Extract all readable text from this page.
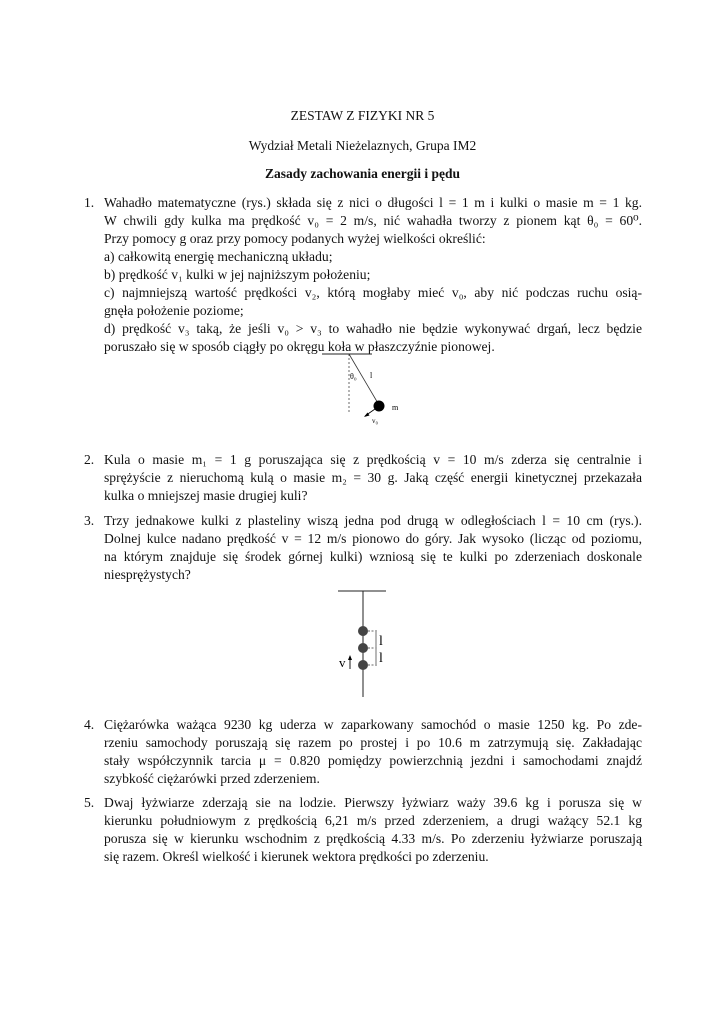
ZESTAW Z FIZYKI NR 5
Wydział Metali Nieżelaznych, Grupa IM2
Zasady zachowania energii i pędu
1. Wahadło matematyczne (rys.) składa się z nici o długości l = 1 m i kulki o masie m = 1 kg.
W chwili gdy kulka ma prędkość v₀ = 2 m/s, nić wahadła tworzy z pionem kąt θ₀ = 60⁰.
Przy pomocy g oraz przy pomocy podanych wyżej wielkości określić:
a) całkowitą energię mechaniczną układu;
b) prędkość v₁ kulki w jej najniższym położeniu;
c) najmniejszą wartość prędkości v₂, którą mogłaby mieć v₀, aby nić podczas ruchu osią-
gnęła położenie poziome;
d) prędkość v₃ taką, że jeśli v₀ > v₃ to wahadło nie będzie wykonywać drgań, lecz będzie
poruszało się w sposób ciągły po okręgu koła w płaszczyźnie pionowej.
θ₀ l
m
v₀
2. Kula o masie m₁ = 1 g poruszająca się z prędkością v = 10 m/s zderza się centralnie i
sprężyście z nieruchomą kulą o masie m₂ = 30 g. Jaką część energii kinetycznej przekazała
kulka o mniejszej masie drugiej kuli?
3. Trzy jednakowe kulki z plasteliny wiszą jedna pod drugą w odległościach l = 10 cm (rys.).
Dolnej kulce nadano prędkość v = 12 m/s pionowo do góry. Jak wysoko (licząc od poziomu,
na którym znajduje się środek górnej kulki) wzniosą się te kulki po zderzeniach doskonale
niesprężystych?
l
l
v
4. Ciężarówka ważąca 9230 kg uderza w zaparkowany samochód o masie 1250 kg. Po zde-
rzeniu samochody poruszają się razem po prostej i po 10.6 m zatrzymują się. Zakładając
stały współczynnik tarcia μ = 0.820 pomiędzy powierzchnią jezdni i samochodami znajdź
szybkość ciężarówki przed zderzeniem.
5. Dwaj łyżwiarze zderzają sie na lodzie. Pierwszy łyżwiarz waży 39.6 kg i porusza się w
kierunku południowym z prędkością 6,21 m/s przed zderzeniem, a drugi ważący 52.1 kg
porusza się w kierunku wschodnim z prędkością 4.33 m/s. Po zderzeniu łyżwiarze poruszają
się razem. Określ wielkość i kierunek wektora prędkości po zderzeniu.
